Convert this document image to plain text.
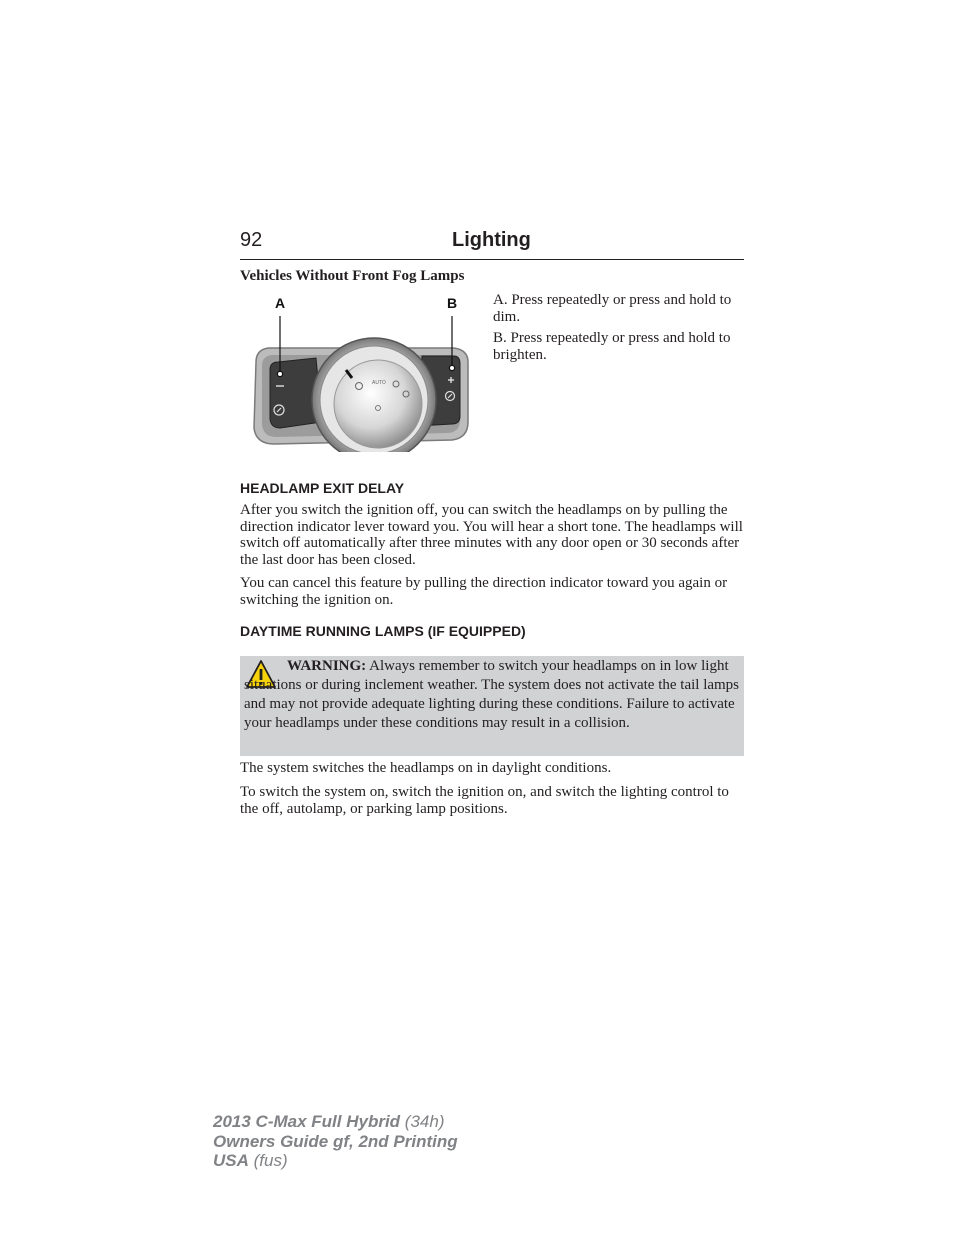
92	Lighting
Vehicles Without Front Fog Lamps
AUTO
A	B A. Press repeatedly or press and hold to dim.
B. Press repeatedly or press and hold to brighten.
HEADLAMP EXIT DELAY
After you switch the ignition off, you can switch the headlamps on by pulling the direction indicator lever toward you. You will hear a short tone. The headlamps will switch off automatically after three minutes with any door open or 30 seconds after the last door has been closed.
You can cancel this feature by pulling the direction indicator toward you again or switching the ignition on.
DAYTIME RUNNING LAMPS (IF EQUIPPED)
WARNING: Always remember to switch your headlamps on in low light situations or during inclement weather. The system does not activate the tail lamps and may not provide adequate lighting during these conditions. Failure to activate your headlamps under these conditions may result in a collision.
The system switches the headlamps on in daylight conditions.
To switch the system on, switch the ignition on, and switch the lighting control to the off, autolamp, or parking lamp positions.
2013 C-Max Full Hybrid (34h)
Owners Guide gf, 2nd Printing
USA (fus)
